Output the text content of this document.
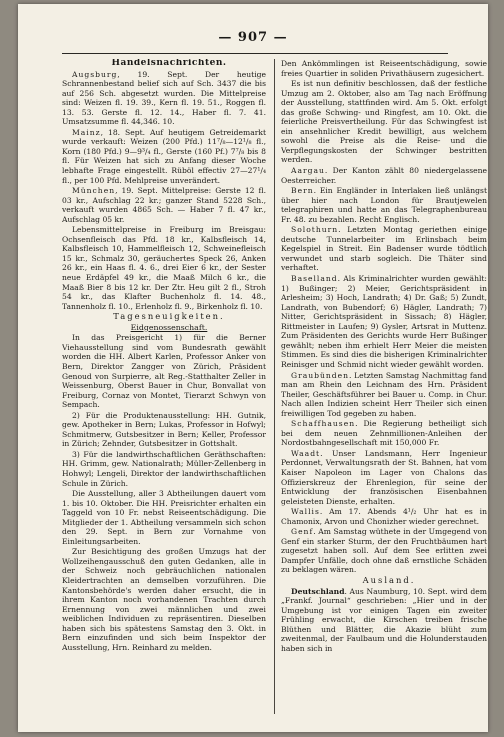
— 907 —

Handelsnachrichten.

Augsburg, 19. Sept. Der heutige Schrannenbestand belief sich auf Sch. 3437 die bis auf 256 Sch. abgesetzt wurden. Die Mittelpreise sind: Weizen fl. 19. 39., Kern fl. 19. 51., Roggen fl. 13. 53. Gerste fl. 12. 14., Haber fl. 7. 41. Umsatzsumme fl. 44,346. 10.

Mainz, 18. Sept. Auf heutigem Getreidemarkt wurde verkauft: Weizen (200 Pfd.) 11⁷/₈—12¹/₈ fl., Korn (180 Pfd.) 9—9³/₄ fl., Gerste (160 Pf.) 7⁷/₈ bis 8 fl. Für Weizen hat sich zu Anfang dieser Woche lebhafte Frage eingestellt. Rüböl effectiv 27—27¹/₄ fl., per 100 Pfd. Mehlpreise unverändert.

München, 19. Sept. Mittelpreise: Gerste 12 fl. 03 kr., Aufschlag 22 kr.; ganzer Stand 5228 Sch., verkauft wurden 4865 Sch. — Haber 7 fl. 47 kr., Aufschlag 05 kr.

Lebensmittelpreise in Freiburg im Breisgau: Ochsenfleisch das Pfd. 18 kr., Kalbsfleisch 14, Kalbsfleisch 10, Hammelfleisch 12, Schweinefleisch 15 kr., Schmalz 30, geräuchertes Speck 26, Anken 26 kr., ein Haas fl. 4. 6., drei Eier 6 kr., der Sester neue Erdäpfel 49 kr., die Maaß Milch 6 kr., die Maaß Bier 8 bis 12 kr. Der Ztr. Heu gilt 2 fl., Stroh 54 kr., das Klafter Buchenholz fl. 14. 48., Tannenholz fl. 10., Erlenholz fl. 9., Birkenholz fl. 10.

Tagesneuigkeiten.

Eidgenossenschaft.

In das Preisgericht 1) für die Berner Viehausstellung sind vom Bundesrath gewählt worden die HH. Albert Karlen, Professor Anker von Bern, Direktor Zangger von Zürich, Präsident Genoud von Surpierre, alt Reg.-Statthalter Zeller in Weissenburg, Oberst Bauer in Chur, Bonvallat von Freiburg, Cornaz von Montet, Tierarzt Schwyn von Sempach.

2) Für die Produktenausstellung: HH. Gutnik, gew. Apotheker in Bern; Lukas, Professor in Hofwyl; Schmitmerw, Gutsbesitzer in Bern; Keller, Professor in Zürich; Zehnder, Gutsbesitzer in Gottshalt.

3) Für die landwirthschaftlichen Geräthschaften: HH. Grimm, gew. Nationalrath; Müller-Zellenberg in Hohwyl; Lengeli, Direktor der landwirthschaftlichen Schule in Zürich.

Die Ausstellung, aller 3 Abtheilungen dauert vom 1. bis 10. Oktober. Die HH. Preisrichter erhalten ein Taggeld von 10 Fr. nebst Reiseentschädigung. Die Mitglieder der 1. Abtheilung versammeln sich schon den 29. Sept. in Bern zur Vornahme von Einleitungsarbeiten.

Zur Besichtigung des großen Umzugs hat der Wollzeihengausschuß den guten Gedanken, alle in der Schweiz noch gebräuchlichen nationalen Kleidertrachten an demselben vorzuführen. Die Kantonsbehörde's werden daher ersucht, die in ihrem Kanton noch vorhandenen Trachten durch Ernennung von zwei männlichen und zwei weiblichen Individuen zu repräsentiren. Dieselben haben sich bis spätestens Samstag den 3. Okt. in Bern einzufinden und sich beim Inspektor der Ausstellung, Hrn. Reinhard zu melden.

Den Ankömmlingen ist Reiseentschädigung, sowie freies Quartier in soliden Privathäusern zugesichert.

Es ist nun definitiv beschlossen, daß der festliche Umzug am 2. Oktober, also am Tag nach Eröffnung der Ausstellung, stattfinden wird. Am 5. Okt. erfolgt das große Schwing- und Ringfest, am 10. Okt. die feierliche Preisvertheilung. Für das Schwingfest ist ein ansehnlicher Kredit bewilligt, aus welchem sowohl die Preise als die Reise- und die Verpflegungskosten der Schwinger bestritten werden.

Aargau. Der Kanton zählt 80 niedergelassene Oesterreicher.

Bern. Ein Engländer in Interlaken ließ unlängst über hier nach London für Brautjewelen telegraphiren und hatte an das Telegraphenbureau Fr. 48. zu bezahlen. Recht Englisch.

Solothurn. Letzten Montag geriethen einige deutsche Tunnelarbeiter im Erlinsbach beim Kegelspiel in Streit. Ein Badenser wurde tödtlich verwundet und starb sogleich. Die Thäter sind verhaftet.

Baselland. Als Kriminalrichter wurden gewählt: 1) Bußinger; 2) Meier, Gerichtspräsident in Arlesheim; 3) Hoch, Landrath; 4) Dr. Gaß; 5) Zundt, Landrath, von Bubendorf; 6) Hägler, Landrath; 7) Nitter, Gerichtspräsident in Sissach; 8) Hägler, Rittmeister in Laufen; 9) Gysler, Artsrat in Muttenz. Zum Präsidenten des Gerichts wurde Herr Bußinger gewählt; neben ihm erhielt Herr Meier die meisten Stimmen. Es sind dies die bisherigen Kriminalrichter Reinisger und Schmid nicht wieder gewählt worden.

Graubünden. Letzten Samstag Nachmittag fand man am Rhein den Leichnam des Hrn. Präsident Theiler, Geschäftsführer bei Bauer u. Comp. in Chur. Nach allen Indizien scheint Herr Theiler sich einen freiwilligen Tod gegeben zu haben.

Schaffhausen. Die Regierung betheiligt sich bei dem neuen Zehnmillionen-Anleihen der Nordostbahngesellschaft mit 150,000 Fr.

Waadt. Unser Landsmann, Herr Ingenieur Perdonnet, Verwaltungsrath der St. Bahnen, hat vom Kaiser Napoleon im Lager von Chalons das Offizierskreuz der Ehrenlegion, für seine der Entwicklung der französischen Eisenbahnen geleisteten Dienste, erhalten.

Wallis. Am 17. Abends 4¹/₂ Uhr hat es in Chamonix, Arvon und Chonizher wieder gerechnet.

Genf. Am Samstag wüthete in der Umgegend von Genf ein starker Sturm, der den Fruchtbäumen hart zugesetzt haben soll. Auf dem See erlitten zwei Dampfer Unfälle, doch ohne daß ernstliche Schäden zu beklagen wären.

Ausland.

Deutschland. Aus Naumburg, 10. Sept. wird dem „Frankf. Journal“ geschrieben: „Hier und in der Umgebung ist vor einigen Tagen ein zweiter Frühling erwacht, die Kirschen treiben frische Blüthen und Blätter, die Akazie blüht zum zweitenmal, der Faulbaum und die Holunderstauden haben sich in
